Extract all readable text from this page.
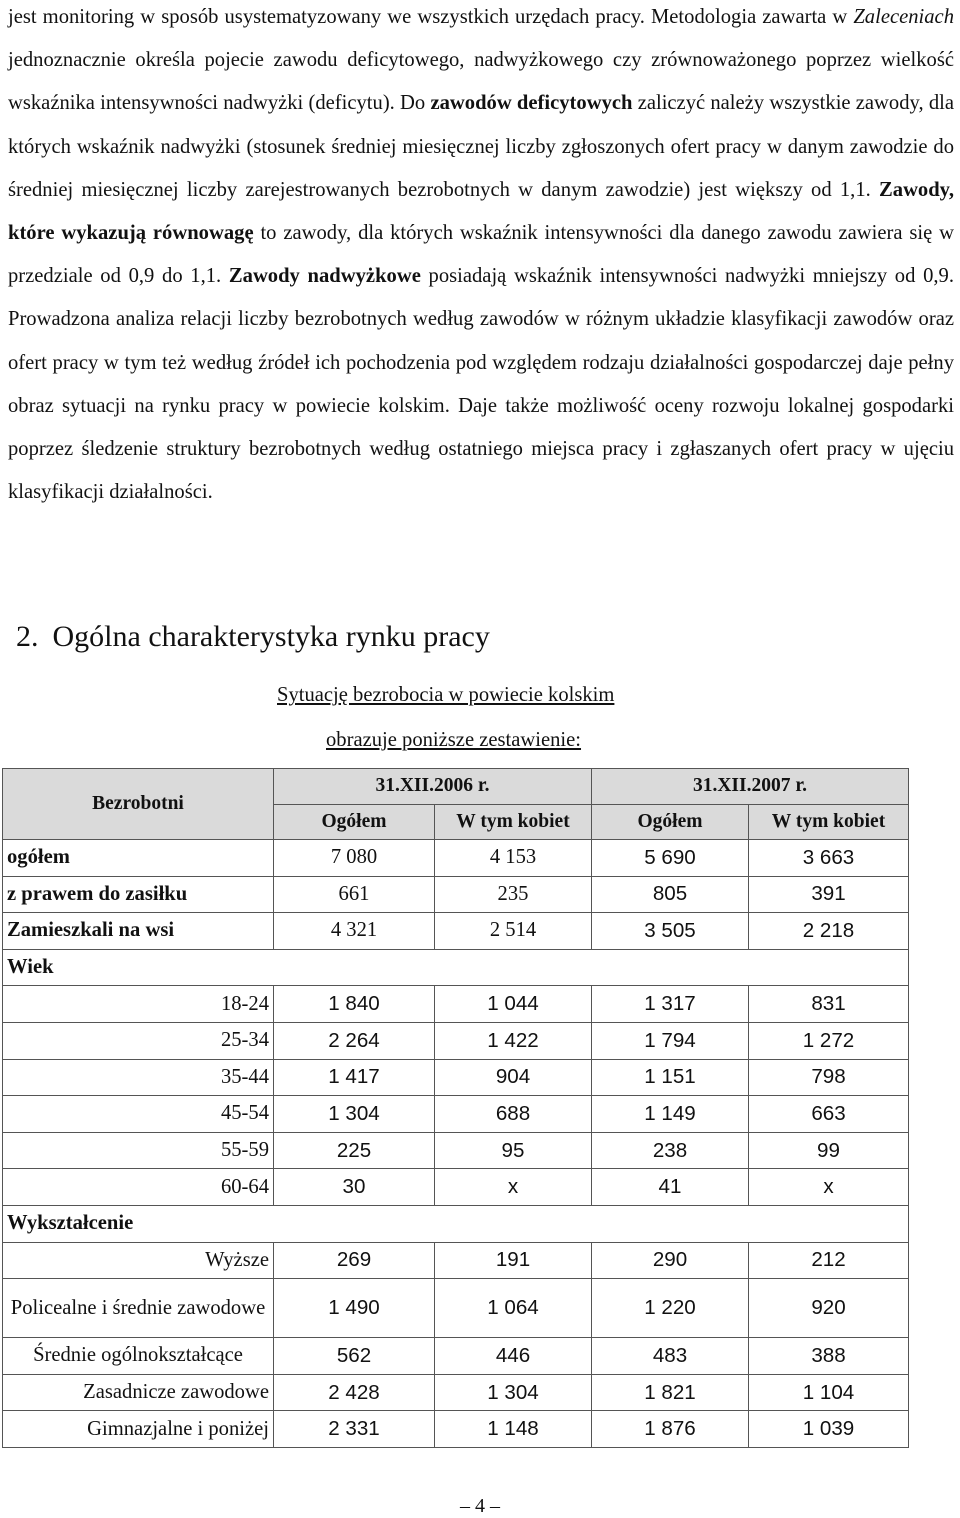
jest monitoring w sposób usystematyzowany we wszystkich urzędach pracy. Metodologia zawarta w Zaleceniach jednoznacznie określa pojecie zawodu deficytowego, nadwyżkowego czy zrównoważonego poprzez wielkość wskaźnika intensywności nadwyżki (deficytu). Do zawodów deficytowych zaliczyć należy wszystkie zawody, dla których wskaźnik nadwyżki (stosunek średniej miesięcznej liczby zgłoszonych ofert pracy w danym zawodzie do średniej miesięcznej liczby zarejestrowanych bezrobotnych w danym zawodzie) jest większy od 1,1. Zawody, które wykazują równowagę to zawody, dla których wskaźnik intensywności dla danego zawodu zawiera się w przedziale od 0,9 do 1,1. Zawody nadwyżkowe posiadają wskaźnik intensywności nadwyżki mniejszy od 0,9. Prowadzona analiza relacji liczby bezrobotnych według zawodów w różnym układzie klasyfikacji zawodów oraz ofert pracy w tym też według źródeł ich pochodzenia pod względem rodzaju działalności gospodarczej daje pełny obraz sytuacji na rynku pracy w powiecie kolskim. Daje także możliwość oceny rozwoju lokalnej gospodarki poprzez śledzenie struktury bezrobotnych według ostatniego miejsca pracy i zgłaszanych ofert pracy w ujęciu klasyfikacji działalności.

2. Ogólna charakterystyka rynku pracy
Sytuację bezrobocia w powiecie kolskim
obrazuje poniższe zestawienie:
Bezrobotni	31.XII.2006 r.		31.XII.2007 r.	
	Ogółem	W tym kobiet	Ogółem	W tym kobiet
ogółem	7 080	4 153	5 690	3 663
z prawem do zasiłku	661	235	805	391
Zamieszkali na wsi	4 321	2 514	3 505	2 218
Wiek				
18-24	1 840	1 044	1 317	831
25-34	2 264	1 422	1 794	1 272
35-44	1 417	904	1 151	798
45-54	1 304	688	1 149	663
55-59	225	95	238	99
60-64	30	x	41	x
Wykształcenie				
Wyższe	269	191	290	212
Policealne i średnie zawodowe	1 490	1 064	1 220	920
Średnie ogólnokształcące	562	446	483	388
Zasadnicze zawodowe	2 428	1 304	1 821	1 104
Gimnazjalne i poniżej	2 331	1 148	1 876	1 039
– 4 –
